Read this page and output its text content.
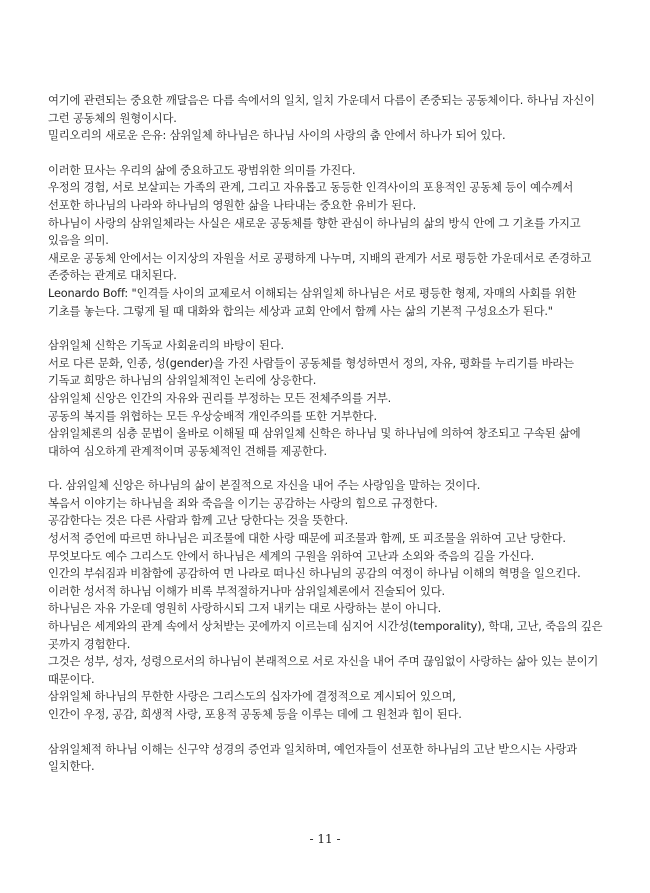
여기에 관련되는 중요한 깨달음은 다름 속에서의 일치, 일치 가운데서 다름이 존중되는 공동체이다. 하나님 자신이 그런 공동체의 원형이시다.
밀리오리의 새로운 은유: 삼위일체 하나님은 하나님 사이의 사랑의 춤 안에서 하나가 되어 있다.
이러한 묘사는 우리의 삶에 중요하고도 광범위한 의미를 가진다.
우정의 경험, 서로 보살피는 가족의 관계, 그리고 자유롭고 동등한 인격사이의 포용적인 공동체 등이 예수께서 선포한 하나님의 나라와 하나님의 영원한 삶을 나타내는 중요한 유비가 된다.
하나님이 사랑의 삼위일체라는 사실은 새로운 공동체를 향한 관심이 하나님의 삶의 방식 안에 그 기초를 가지고 있음을 의미.
새로운 공동체 안에서는 이지상의 자원을 서로 공평하게 나누며, 지배의 관계가 서로 평등한 가운데서로 존경하고 존중하는 관계로 대치된다.
Leonardo Boff: "인격들 사이의 교제로서 이해되는 삼위일체 하나님은 서로 평등한 형제, 자매의 사회를 위한 기초를 놓는다. 그렇게 될 때 대화와 합의는 세상과 교회 안에서 함께 사는 삶의 기본적 구성요소가 된다."
삼위일체 신학은 기독교 사회윤리의 바탕이 된다.
서로 다른 문화, 인종, 성(gender)을 가진 사람들이 공동체를 형성하면서 정의, 자유, 평화를 누리기를 바라는 기독교 희망은 하나님의 삼위일체적인 논리에 상응한다.
삼위일체 신앙은 인간의 자유와 권리를 부정하는 모든 전체주의를 거부.
공동의 복지를 위협하는 모든 우상숭배적 개인주의를 또한 거부한다.
삼위일체론의 심층 문법이 올바로 이해될 때 삼위일체 신학은 하나님 및 하나님에 의하여 창조되고 구속된 삶에 대하여 심오하게 관계적이며 공동체적인 견해를 제공한다.
다. 삼위일체 신앙은 하나님의 삶이 본질적으로 자신을 내어 주는 사랑임을 말하는 것이다.
복음서 이야기는 하나님을 죄와 죽음을 이기는 공감하는 사랑의 힘으로 규정한다.
공감한다는 것은 다른 사람과 함께 고난 당한다는 것을 뜻한다.
성서적 증언에 따르면 하나님은 피조물에 대한 사랑 때문에 피조물과 함께, 또 피조물을 위하여 고난 당한다.
무엇보다도 예수 그리스도 안에서 하나님은 세계의 구원을 위하여 고난과 소외와 죽음의 길을 가신다.
인간의 부숴짐과 비참함에 공감하여 먼 나라로 떠나신 하나님의 공감의 여정이 하나님 이해의 혁명을 일으킨다.
이러한 성서적 하나님 이해가 비록 부적절하거나마 삼위일체론에서 진술되어 있다.
하나님은 자유 가운데 영원히 사랑하시되 그저 내키는 대로 사랑하는 분이 아니다.
하나님은 세계와의 관계 속에서 상처받는 곳에까지 이르는데 심지어 시간성(temporality), 학대, 고난, 죽음의 깊은 곳까지 경험한다.
그것은 성부, 성자, 성령으로서의 하나님이 본래적으로 서로 자신을 내어 주며 끊임없이 사랑하는 삶아 있는 분이기 때문이다.
삼위일체 하나님의 무한한 사랑은 그리스도의 십자가에 결정적으로 계시되어 있으며,
인간이 우정, 공감, 희생적 사랑, 포용적 공동체 등을 이루는 데에 그 원천과 힘이 된다.
삼위일체적 하나님 이해는 신구약 성경의 증언과 일치하며, 예언자들이 선포한 하나님의 고난 받으시는 사랑과 일치한다.
- 11 -
